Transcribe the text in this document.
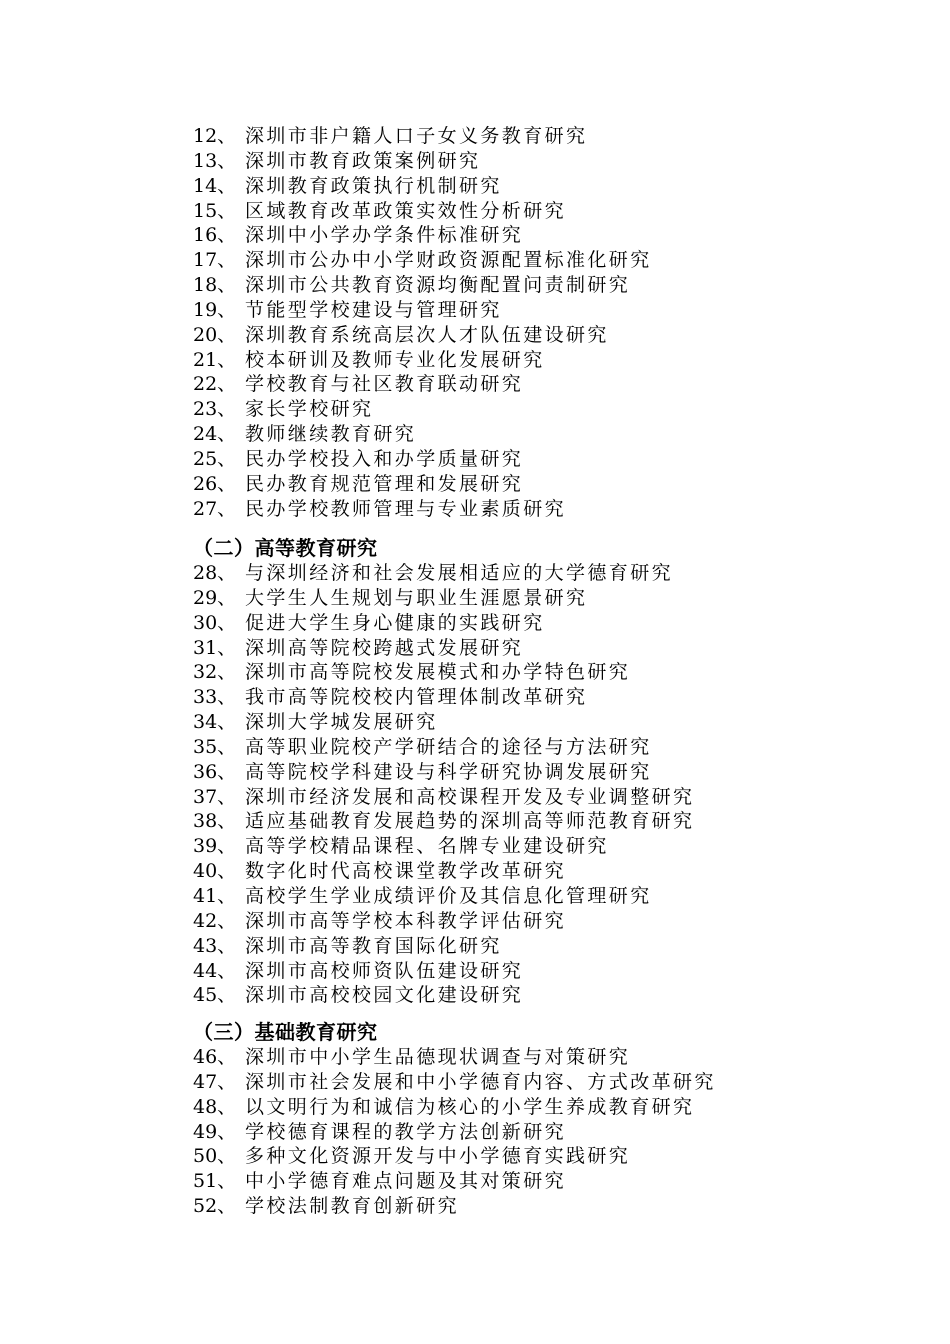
12、 深圳市非户籍人口子女义务教育研究
13、 深圳市教育政策案例研究
14、 深圳教育政策执行机制研究
15、 区域教育改革政策实效性分析研究
16、 深圳中小学办学条件标准研究
17、 深圳市公办中小学财政资源配置标准化研究
18、 深圳市公共教育资源均衡配置问责制研究
19、 节能型学校建设与管理研究
20、 深圳教育系统高层次人才队伍建设研究
21、 校本研训及教师专业化发展研究
22、 学校教育与社区教育联动研究
23、 家长学校研究
24、 教师继续教育研究
25、 民办学校投入和办学质量研究
26、 民办教育规范管理和发展研究
27、 民办学校教师管理与专业素质研究
（二）高等教育研究
28、 与深圳经济和社会发展相适应的大学德育研究
29、 大学生人生规划与职业生涯愿景研究
30、 促进大学生身心健康的实践研究
31、 深圳高等院校跨越式发展研究
32、 深圳市高等院校发展模式和办学特色研究
33、 我市高等院校校内管理体制改革研究
34、 深圳大学城发展研究
35、 高等职业院校产学研结合的途径与方法研究
36、 高等院校学科建设与科学研究协调发展研究
37、 深圳市经济发展和高校课程开发及专业调整研究
38、 适应基础教育发展趋势的深圳高等师范教育研究
39、 高等学校精品课程、名牌专业建设研究
40、 数字化时代高校课堂教学改革研究
41、 高校学生学业成绩评价及其信息化管理研究
42、 深圳市高等学校本科教学评估研究
43、 深圳市高等教育国际化研究
44、 深圳市高校师资队伍建设研究
45、 深圳市高校校园文化建设研究
（三）基础教育研究
46、 深圳市中小学生品德现状调查与对策研究
47、 深圳市社会发展和中小学德育内容、方式改革研究
48、 以文明行为和诚信为核心的小学生养成教育研究
49、 学校德育课程的教学方法创新研究
50、 多种文化资源开发与中小学德育实践研究
51、 中小学德育难点问题及其对策研究
52、 学校法制教育创新研究
